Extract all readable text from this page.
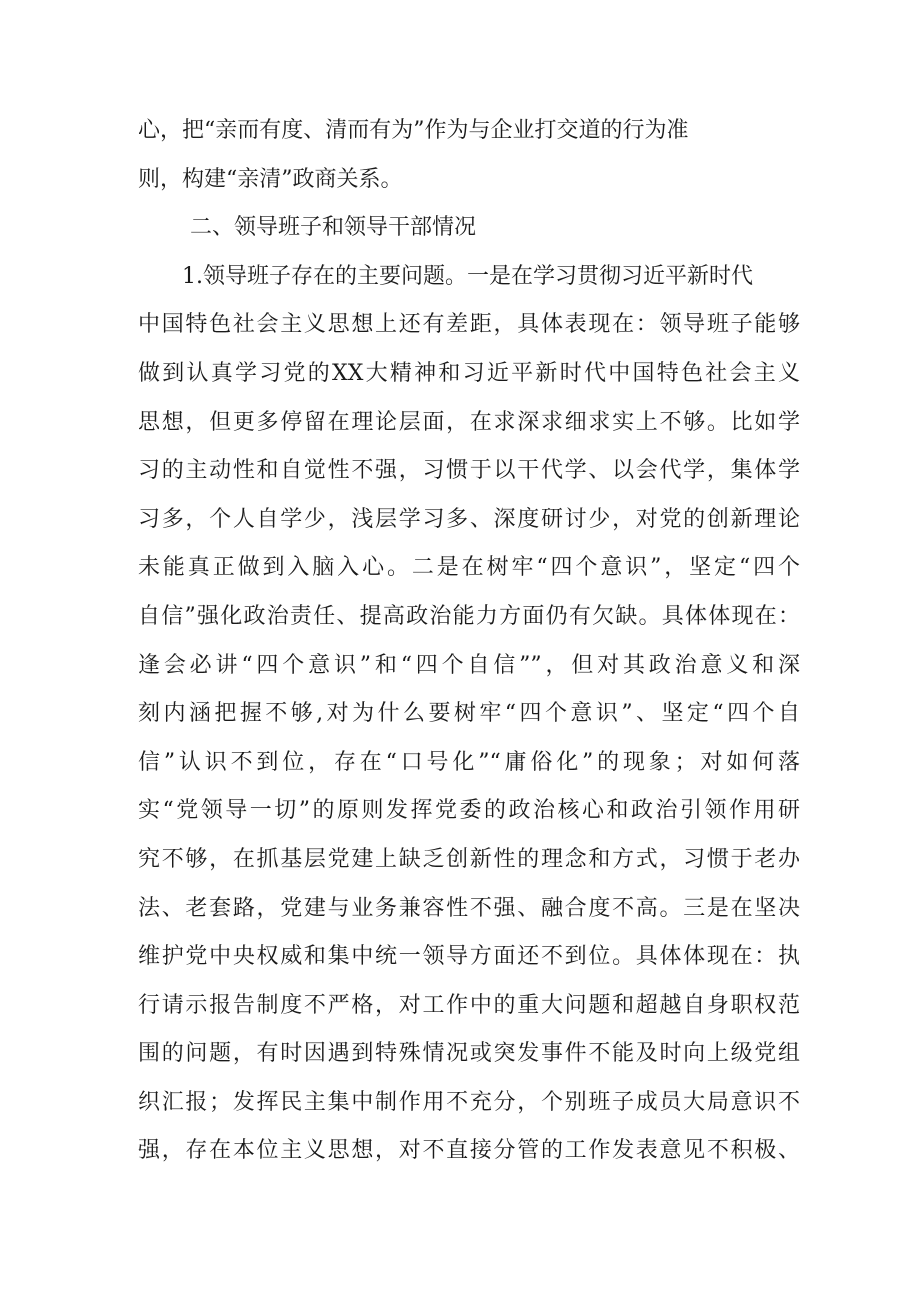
心，把“亲而有度、清而有为”作为与企业打交道的行为准
则，构建“亲清”政商关系。
二、领导班子和领导干部情况
1.领导班子存在的主要问题。一是在学习贯彻习近平新时代
中国特色社会主义思想上还有差距，具体表现在：领导班子能够
做到认真学习党的XX大精神和习近平新时代中国特色社会主义
思想，但更多停留在理论层面，在求深求细求实上不够。比如学
习的主动性和自觉性不强，习惯于以干代学、以会代学，集体学
习多，个人自学少，浅层学习多、深度研讨少，对党的创新理论
未能真正做到入脑入心。二是在树牢“四个意识”，坚定“四个
自信”强化政治责任、提高政治能力方面仍有欠缺。具体体现在：
逢会必讲“四个意识”和“四个自信””，但对其政治意义和深
刻内涵把握不够,对为什么要树牢“四个意识”、坚定“四个自
信”认识不到位，存在“口号化”“庸俗化”的现象；对如何落
实“党领导一切”的原则发挥党委的政治核心和政治引领作用研
究不够，在抓基层党建上缺乏创新性的理念和方式，习惯于老办
法、老套路，党建与业务兼容性不强、融合度不高。三是在坚决
维护党中央权威和集中统一领导方面还不到位。具体体现在：执
行请示报告制度不严格，对工作中的重大问题和超越自身职权范
围的问题，有时因遇到特殊情况或突发事件不能及时向上级党组
织汇报；发挥民主集中制作用不充分，个别班子成员大局意识不
强，存在本位主义思想，对不直接分管的工作发表意见不积极、
